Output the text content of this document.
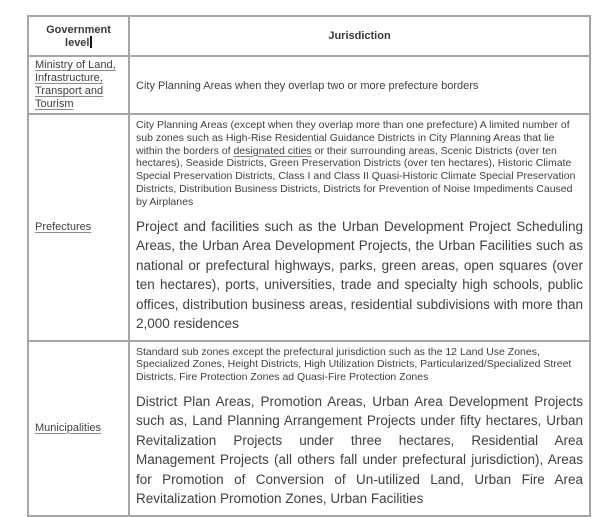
Government level	Jurisdiction
Ministry of Land, Infrastructure, Transport and Tourism	City Planning Areas when they overlap two or more prefecture borders
Prefectures	City Planning Areas (except when they overlap more than one prefecture) A limited number of sub zones such as High-Rise Residential Guidance Districts in City Planning Areas that lie within the borders of designated cities or their surrounding areas, Scenic Districts (over ten hectares), Seaside Districts, Green Preservation Districts (over ten hectares), Historic Climate Special Preservation Districts, Class I and Class II Quasi-Historic Climate Special Preservation Districts, Distribution Business Districts, Districts for Prevention of Noise Impediments Caused by Airplanes

Project and facilities such as the Urban Development Project Scheduling Areas, the Urban Area Development Projects, the Urban Facilities such as national or prefectural highways, parks, green areas, open squares (over ten hectares), ports, universities, trade and specialty high schools, public offices, distribution business areas, residential subdivisions with more than 2,000 residences

Municipalities	Standard sub zones except the prefectural jurisdiction such as the 12 Land Use Zones, Specialized Zones, Height Districts, High Utilization Districts, Particularized/Specialized Street Districts, Fire Protection Zones ad Quasi-Fire Protection Zones

District Plan Areas, Promotion Areas, Urban Area Development Projects such as, Land Planning Arrangement Projects under fifty hectares, Urban Revitalization Projects under three hectares, Residential Area Management Projects (all others fall under prefectural jurisdiction), Areas for Promotion of Conversion of Un-utilized Land, Urban Fire Area Revitalization Promotion Zones, Urban Facilities
